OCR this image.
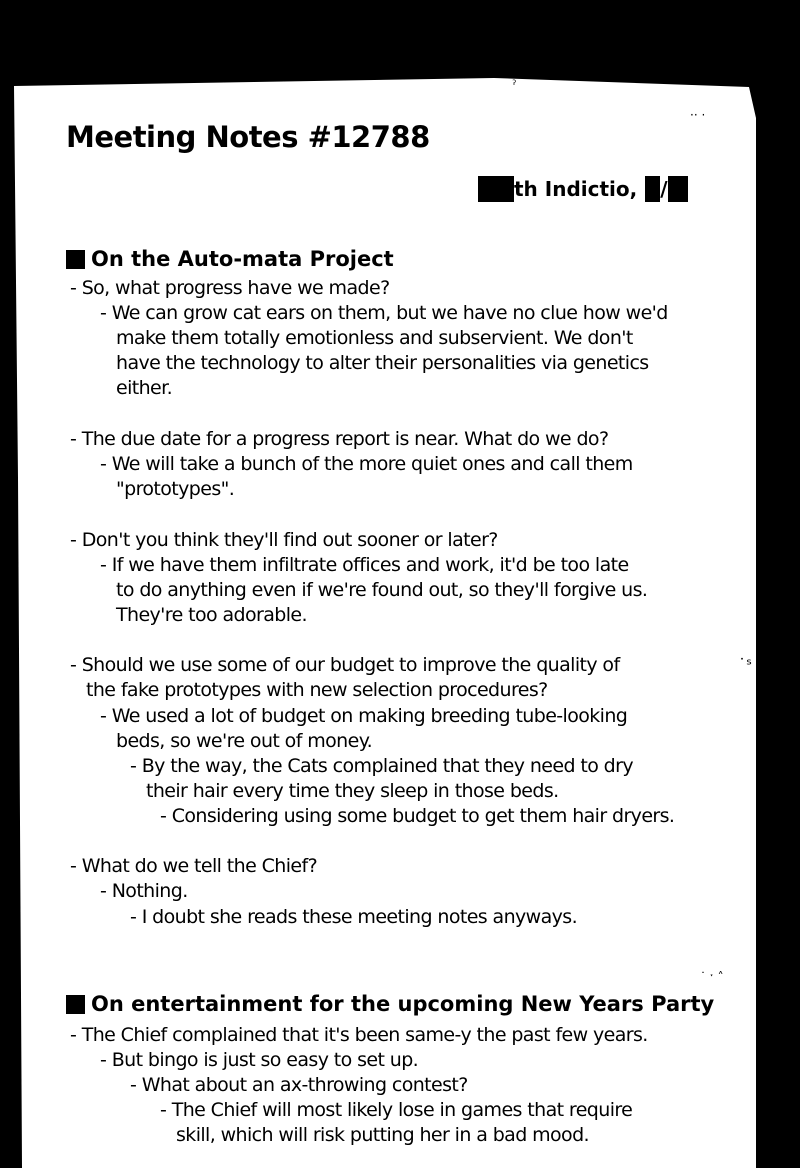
ˀ
·· ·
˙ˢ
˙ ˑ ˄
Meeting Notes #12788
th Indictio, /
On the Auto-mata Project
- So, what progress have we made?
- We can grow cat ears on them, but we have no clue how we'd
make them totally emotionless and subservient. We don't
have the technology to alter their personalities via genetics
either.
- The due date for a progress report is near. What do we do?
- We will take a bunch of the more quiet ones and call them
"prototypes".
- Don't you think they'll find out sooner or later?
- If we have them infiltrate offices and work, it'd be too late
to do anything even if we're found out, so they'll forgive us.
They're too adorable.
- Should we use some of our budget to improve the quality of
the fake prototypes with new selection procedures?
- We used a lot of budget on making breeding tube-looking
beds, so we're out of money.
- By the way, the Cats complained that they need to dry
their hair every time they sleep in those beds.
- Considering using some budget to get them hair dryers.
- What do we tell the Chief?
- Nothing.
- I doubt she reads these meeting notes anyways.
On entertainment for the upcoming New Years Party
- The Chief complained that it's been same-y the past few years.
- But bingo is just so easy to set up.
- What about an ax-throwing contest?
- The Chief will most likely lose in games that require
skill, which will risk putting her in a bad mood.
